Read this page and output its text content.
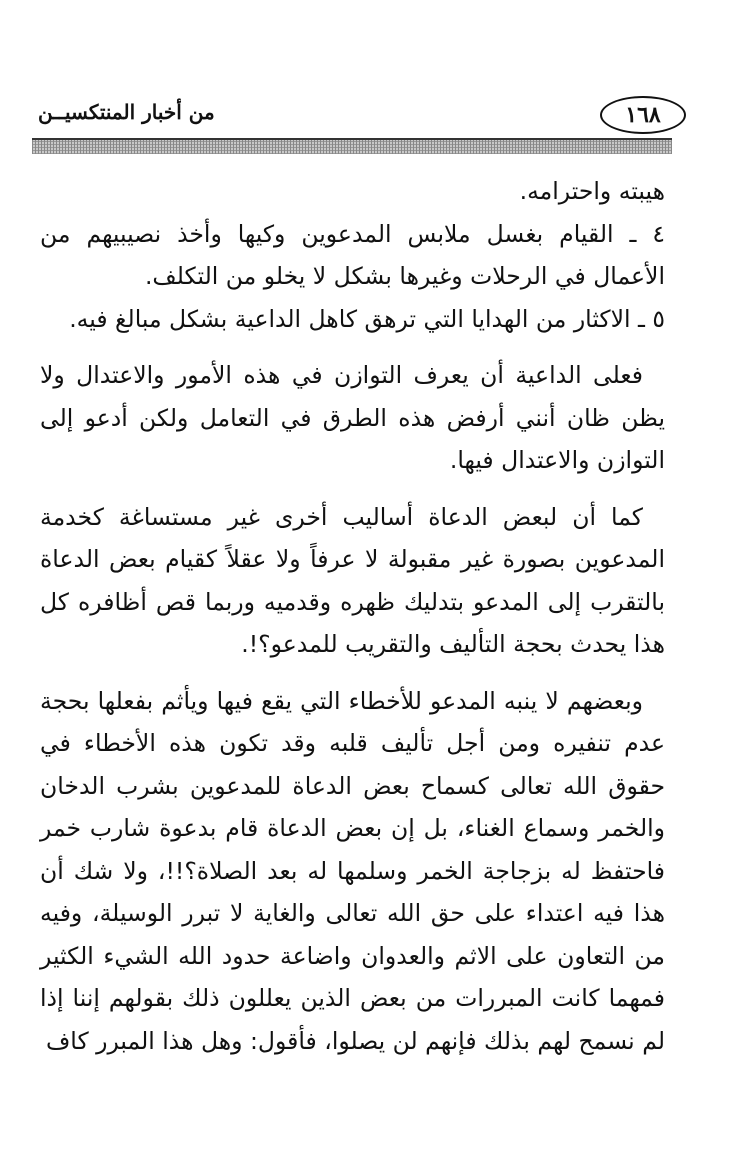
١٦٨
من أخبار المنتكسيــن

هيبته واحترامه.

٤ ـ القيام بغسل ملابس المدعوين وكيها وأخذ نصيبيهم من الأعمال في الرحلات وغيرها بشكل لا يخلو من التكلف.

٥ ـ الاكثار من الهدايا التي ترهق كاهل الداعية بشكل مبالغ فيه.

فعلى الداعية أن يعرف التوازن في هذه الأمور والاعتدال ولا يظن ظان أنني أرفض هذه الطرق في التعامل ولكن أدعو إلى التوازن والاعتدال فيها.

كما أن لبعض الدعاة أساليب أخرى غير مستساغة كخدمة المدعوين بصورة غير مقبولة لا عرفاً ولا عقلاً كقيام بعض الدعاة بالتقرب إلى المدعو بتدليك ظهره وقدميه وربما قص أظافره كل هذا يحدث بحجة التأليف والتقريب للمدعو؟!.

وبعضهم لا ينبه المدعو للأخطاء التي يقع فيها ويأثم بفعلها بحجة عدم تنفيره ومن أجل تأليف قلبه وقد تكون هذه الأخطاء في حقوق الله تعالى كسماح بعض الدعاة للمدعوين بشرب الدخان والخمر وسماع الغناء، بل إن بعض الدعاة قام بدعوة شارب خمر فاحتفظ له بزجاجة الخمر وسلمها له بعد الصلاة؟!!، ولا شك أن هذا فيه اعتداء على حق الله تعالى والغاية لا تبرر الوسيلة، وفيه من التعاون على الاثم والعدوان واضاعة حدود الله الشيء الكثير فمهما كانت المبررات من بعض الذين يعللون ذلك بقولهم إننا إذا لم نسمح لهم بذلك فإنهم لن يصلوا، فأقول: وهل هذا المبرر كاف
